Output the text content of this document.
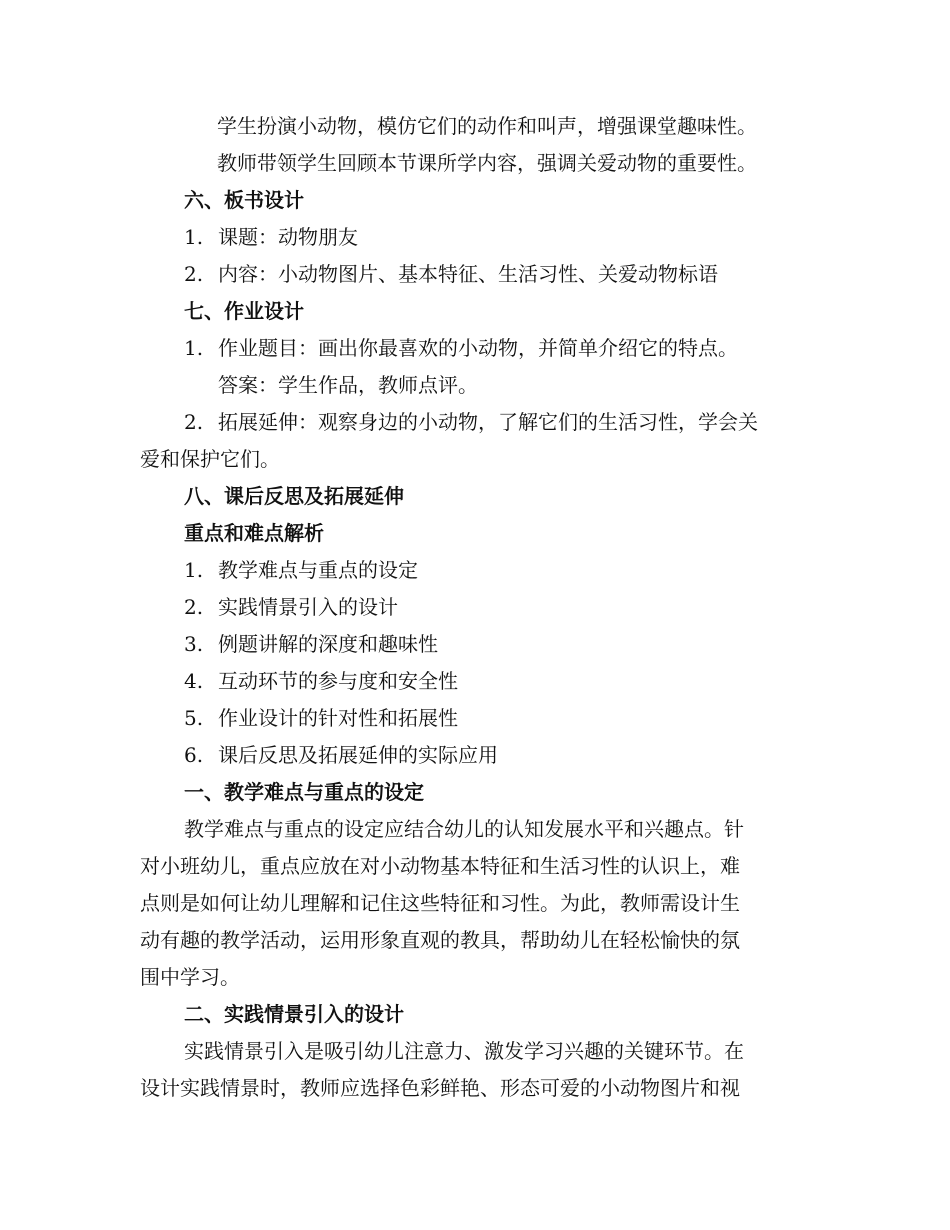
学生扮演小动物，模仿它们的动作和叫声，增强课堂趣味性。
教师带领学生回顾本节课所学内容，强调关爱动物的重要性。
六、板书设计
1. 课题：动物朋友
2. 内容：小动物图片、基本特征、生活习性、关爱动物标语
七、作业设计
1. 作业题目：画出你最喜欢的小动物，并简单介绍它的特点。
答案：学生作品，教师点评。
2. 拓展延伸：观察身边的小动物，了解它们的生活习性，学会关
爱和保护它们。
八、课后反思及拓展延伸
重点和难点解析
1. 教学难点与重点的设定
2. 实践情景引入的设计
3. 例题讲解的深度和趣味性
4. 互动环节的参与度和安全性
5. 作业设计的针对性和拓展性
6. 课后反思及拓展延伸的实际应用
一、教学难点与重点的设定
教学难点与重点的设定应结合幼儿的认知发展水平和兴趣点。针
对小班幼儿，重点应放在对小动物基本特征和生活习性的认识上，难
点则是如何让幼儿理解和记住这些特征和习性。为此，教师需设计生
动有趣的教学活动，运用形象直观的教具，帮助幼儿在轻松愉快的氛
围中学习。
二、实践情景引入的设计
实践情景引入是吸引幼儿注意力、激发学习兴趣的关键环节。在
设计实践情景时，教师应选择色彩鲜艳、形态可爱的小动物图片和视
